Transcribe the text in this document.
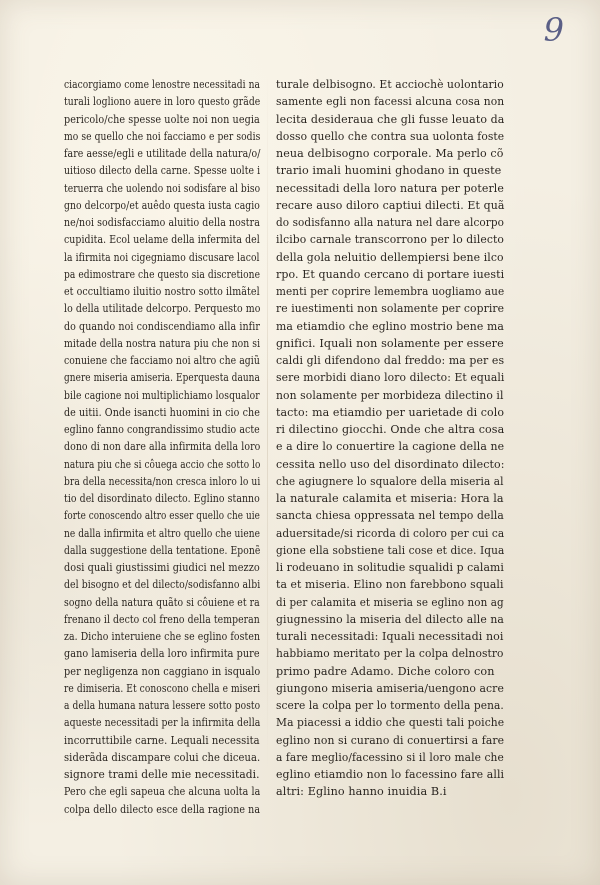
9
ciacorgiamo come lenostre necessitadi na
turali logliono auere in loro questo grãde
pericolo/che spesse uolte noi non uegia
mo se quello che noi facciamo e per sodis
fare aesse/egli e utilitade della natura/o/
uitioso dilecto della carne. Spesse uolte i
teruerra che uolendo noi sodisfare al biso
gno delcorpo/et auêdo questa iusta cagio
ne/noi sodisfacciamo aluitio della nostra
cupidita. Ecol uelame della infermita del
la ifirmita noi cigegniamo discusare lacol
pa edimostrare che questo sia discretione
et occultiamo iluitio nostro sotto ilmãtel
lo della utilitade delcorpo. Perquesto mo
do quando noi condiscendiamo alla infir
mitade della nostra natura piu che non si
conuiene che facciamo noi altro che agiũ
gnere miseria amiseria. Eperquesta dauna
bile cagione noi multiplichiamo losqualor
de uitii. Onde isancti huomini in cio che
eglino fanno congrandissimo studio acte
dono di non dare alla infirmita della loro
natura piu che si côuega accio che sotto lo
bra della necessita/non cresca inloro lo ui
tio del disordinato dilecto. Eglino stanno
forte conoscendo altro esser quello che uie
ne dalla infirmita et altro quello che uiene
dalla suggestione della tentatione. Eponẽ
dosi quali giustissimi giudici nel mezzo
del bisogno et del dilecto/sodisfanno albi
sogno della natura quãto si côuiene et ra
frenano il decto col freno della temperan
za. Dicho interuiene che se eglino fosten
gano lamiseria della loro infirmita pure
per negligenza non caggiano in isqualo
re dimiseria. Et conoscono chella e miseri
a della humana natura lessere sotto posto
aqueste necessitadi per la infirmita della
incorruttibile carne. Lequali necessita
siderãda discampare colui che diceua.
signore trami delle mie necessitadi.
Pero che egli sapeua che alcuna uolta la
colpa dello dilecto esce della ragione na
turale delbisogno. Et acciochè uolontario
samente egli non facessi alcuna cosa non
lecita desideraua che gli fusse leuato da
dosso quello che contra sua uolonta foste
neua delbisogno corporale. Ma perlo cõ
trario imali huomini ghodano in queste
necessitadi della loro natura per poterle
recare auso diloro captiui dilecti. Et quã
do sodisfanno alla natura nel dare alcorpo
ilcibo carnale transcorrono per lo dilecto
della gola neluitio dellempiersi bene ilco
rpo. Et quando cercano di portare iuesti
menti per coprire lemembra uogliamo aue
re iuestimenti non solamente per coprire
ma etiamdio che eglino mostrio bene ma
gnifici. Iquali non solamente per essere
caldi gli difendono dal freddo: ma per es
sere morbidi diano loro dilecto: Et equali
non solamente per morbideza dilectino il
tacto: ma etiamdio per uarietade di colo
ri dilectino giocchi. Onde che altra cosa
e a dire lo conuertire la cagione della ne
cessita nello uso del disordinato dilecto:
che agiugnere lo squalore della miseria al
la naturale calamita et miseria: Hora la
sancta chiesa oppressata nel tempo della
aduersitade/si ricorda di coloro per cui ca
gione ella sobstiene tali cose et dice. Iqua
li rodeuano in solitudie squalidi p calami
ta et miseria. Elino non farebbono squali
di per calamita et miseria se eglino non ag
giugnessino la miseria del dilecto alle na
turali necessitadi: Iquali necessitadi noi
habbiamo meritato per la colpa delnostro
primo padre Adamo. Diche coloro con
giungono miseria amiseria/uengono acre
scere la colpa per lo tormento della pena.
Ma piacessi a iddio che questi tali poiche
eglino non si curano di conuertirsi a fare
a fare meglio/facessino si il loro male che
eglino etiamdio non lo facessino fare alli
altri: Eglino hanno inuidia B.i
